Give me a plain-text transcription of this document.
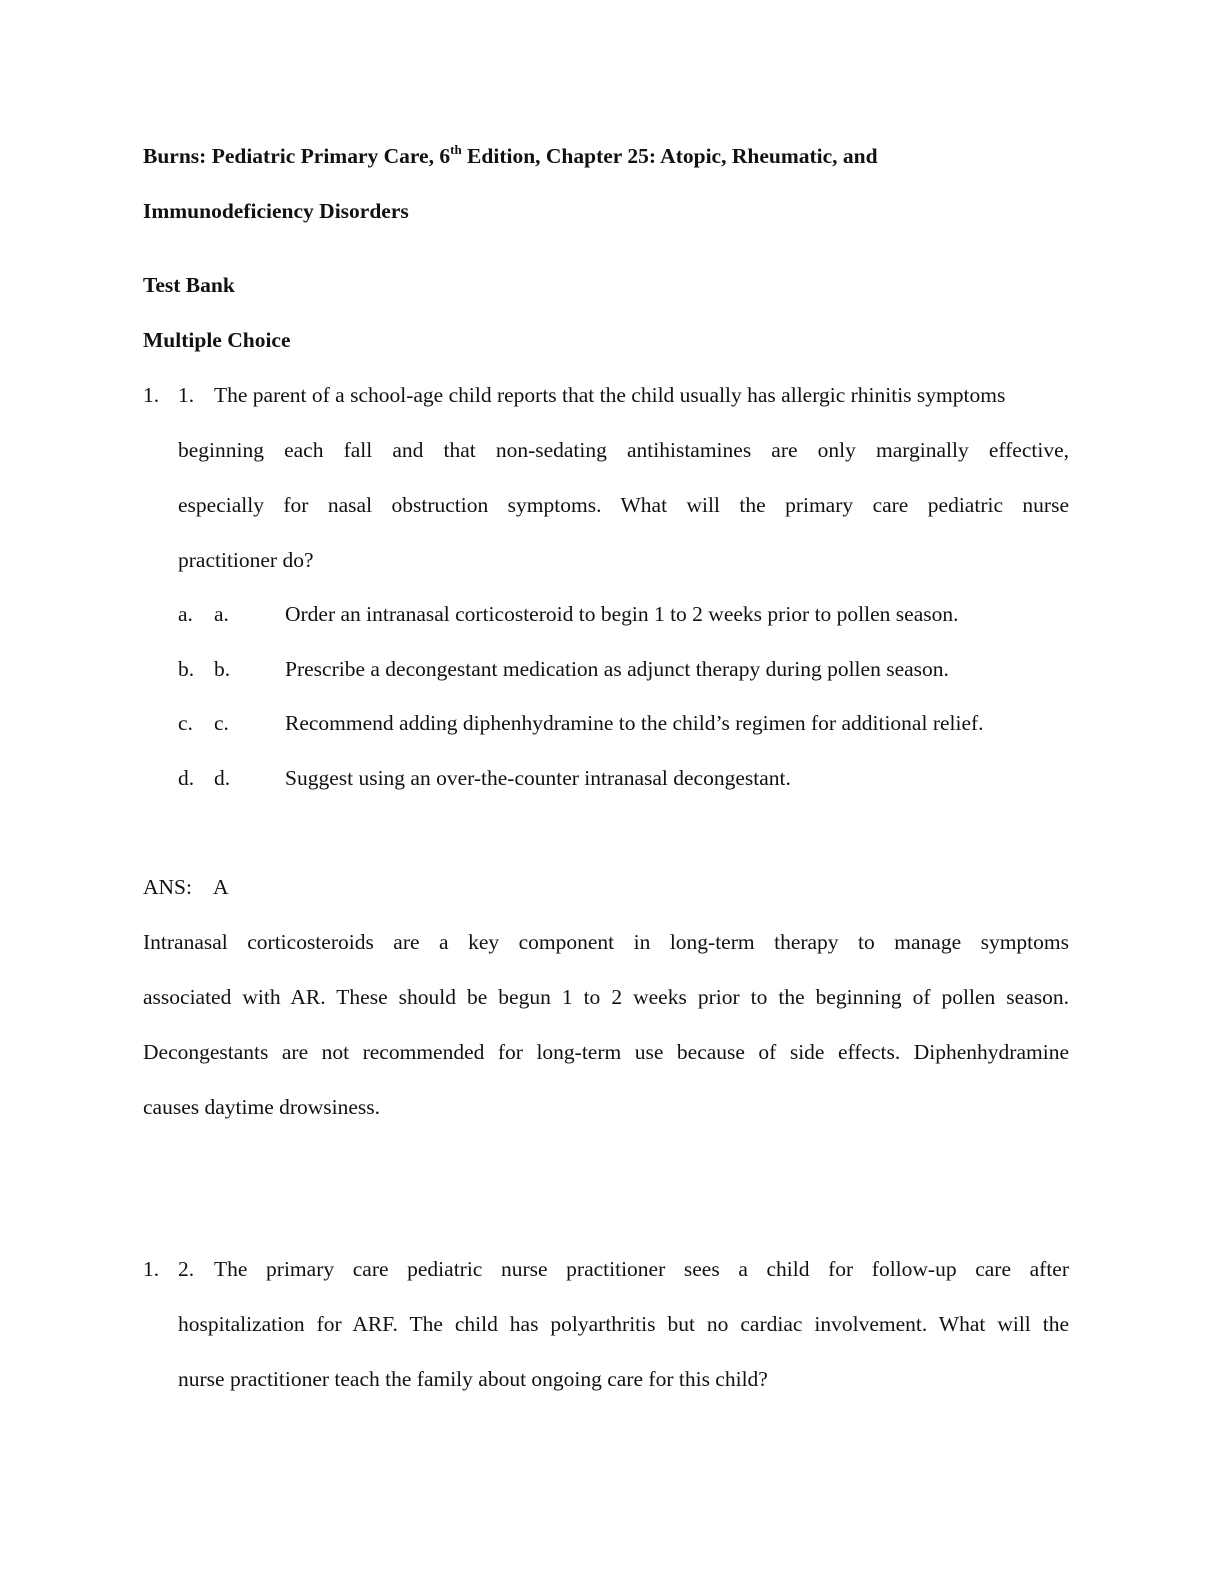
Burns: Pediatric Primary Care, 6th Edition, Chapter 25: Atopic, Rheumatic, and
Immunodeficiency Disorders
Test Bank
Multiple Choice
1. 1. The parent of a school-age child reports that the child usually has allergic rhinitis symptoms
beginning each fall and that non-sedating antihistamines are only marginally effective,
especially for nasal obstruction symptoms. What will the primary care pediatric nurse
practitioner do?
a. a.	Order an intranasal corticosteroid to begin 1 to 2 weeks prior to pollen season.
b. b.	Prescribe a decongestant medication as adjunct therapy during pollen season.
c. c.	Recommend adding diphenhydramine to the child’s regimen for additional relief.
d. d.	Suggest using an over-the-counter intranasal decongestant.
ANS: A
Intranasal corticosteroids are a key component in long-term therapy to manage symptoms
associated with AR. These should be begun 1 to 2 weeks prior to the beginning of pollen season.
Decongestants are not recommended for long-term use because of side effects. Diphenhydramine
causes daytime drowsiness.
1. 2. The primary care pediatric nurse practitioner sees a child for follow-up care after
hospitalization for ARF. The child has polyarthritis but no cardiac involvement. What will the
nurse practitioner teach the family about ongoing care for this child?
